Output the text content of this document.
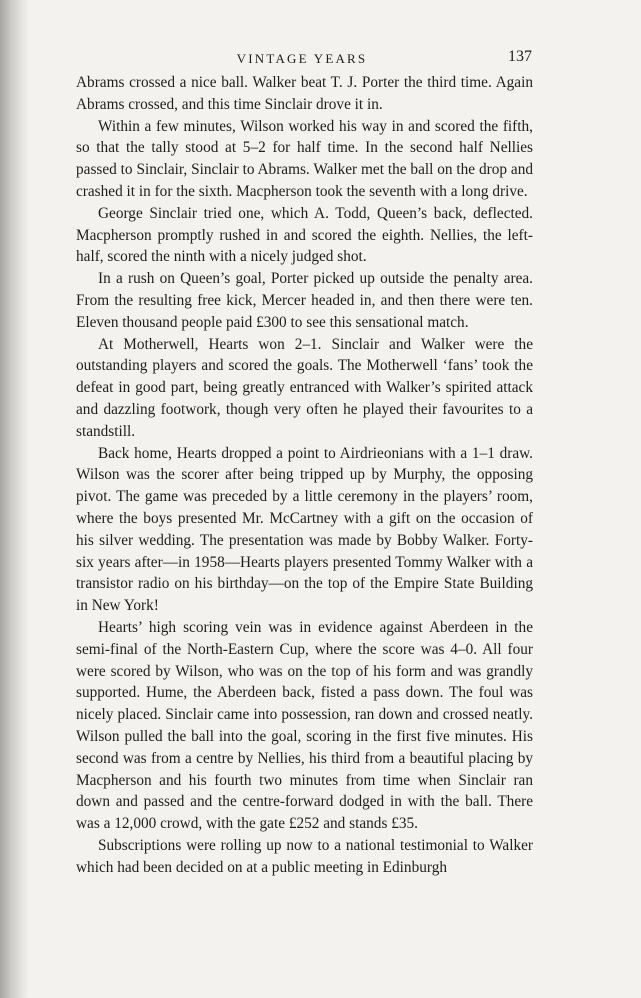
VINTAGE YEARS	137

Abrams crossed a nice ball. Walker beat T. J. Porter the third time. Again Abrams crossed, and this time Sinclair drove it in.

Within a few minutes, Wilson worked his way in and scored the fifth, so that the tally stood at 5–2 for half time. In the second half Nellies passed to Sinclair, Sinclair to Abrams. Walker met the ball on the drop and crashed it in for the sixth. Macpherson took the seventh with a long drive.

George Sinclair tried one, which A. Todd, Queen’s back, deflected. Macpherson promptly rushed in and scored the eighth. Nellies, the left-half, scored the ninth with a nicely judged shot.

In a rush on Queen’s goal, Porter picked up outside the penalty area. From the resulting free kick, Mercer headed in, and then there were ten. Eleven thousand people paid £300 to see this sensational match.

At Motherwell, Hearts won 2–1. Sinclair and Walker were the outstanding players and scored the goals. The Motherwell ‘fans’ took the defeat in good part, being greatly entranced with Walker’s spirited attack and dazzling footwork, though very often he played their favourites to a standstill.

Back home, Hearts dropped a point to Airdrieonians with a 1–1 draw. Wilson was the scorer after being tripped up by Murphy, the opposing pivot. The game was preceded by a little ceremony in the players’ room, where the boys presented Mr. McCartney with a gift on the occasion of his silver wedding. The presentation was made by Bobby Walker. Forty-six years after—in 1958—Hearts players presented Tommy Walker with a transistor radio on his birthday—on the top of the Empire State Building in New York!

Hearts’ high scoring vein was in evidence against Aberdeen in the semi-final of the North-Eastern Cup, where the score was 4–0. All four were scored by Wilson, who was on the top of his form and was grandly supported. Hume, the Aberdeen back, fisted a pass down. The foul was nicely placed. Sinclair came into possession, ran down and crossed neatly. Wilson pulled the ball into the goal, scoring in the first five minutes. His second was from a centre by Nellies, his third from a beautiful placing by Macpherson and his fourth two minutes from time when Sinclair ran down and passed and the centre-forward dodged in with the ball. There was a 12,000 crowd, with the gate £252 and stands £35.

Subscriptions were rolling up now to a national testimonial to Walker which had been decided on at a public meeting in Edinburgh
